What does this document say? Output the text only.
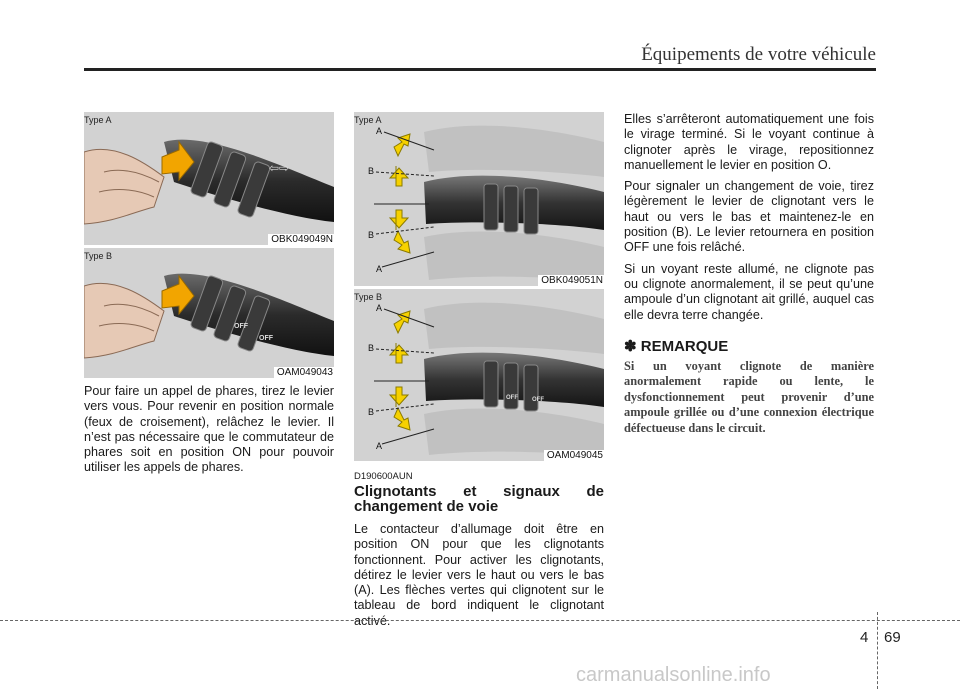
Équipements de votre véhicule
⇦⇨
Type A
OBK049049N
OFF
OFF
Type B
OAM049043

Pour faire un appel de phares, tirez le levier vers vous. Pour revenir en position normale (feux de croisement), relâchez le levier. Il n’est pas nécessaire que le commutateur de phares soit en position ON pour pouvoir utiliser les appels de phares.

A
B
B
A
Type A
OBK049051N
OFF OFF
A
B
B
A
Type B
OAM049045
D190600AUN
Clignotants et signaux de
changement de voie

Le contacteur d’allumage doit être en position ON pour que les clignotants fonctionnent. Pour activer les clignotants, détirez le levier vers le haut ou vers le bas (A). Les flèches vertes qui clignotent sur le tableau de bord indiquent le clignotant activé.

Elles s’arrêteront automatiquement une fois le virage terminé. Si le voyant continue à clignoter après le virage, repositionnez manuellement le levier en position O.

Pour signaler un changement de voie, tirez légèrement le levier de clignotant vers le haut ou vers le bas et maintenez-le en position (B). Le levier retournera en position OFF une fois relâché.

Si un voyant reste allumé, ne clignote pas ou clignote anormalement, il se peut qu’une ampoule d’un clignotant ait grillé, auquel cas elle devra terre changée.

✽ REMARQUE
Si un voyant clignote de manière anormalement rapide ou lente, le dysfonctionnement peut provenir d’une ampoule grillée ou d’une connexion électrique défectueuse dans le circuit.
4 69
carmanualsonline.info
